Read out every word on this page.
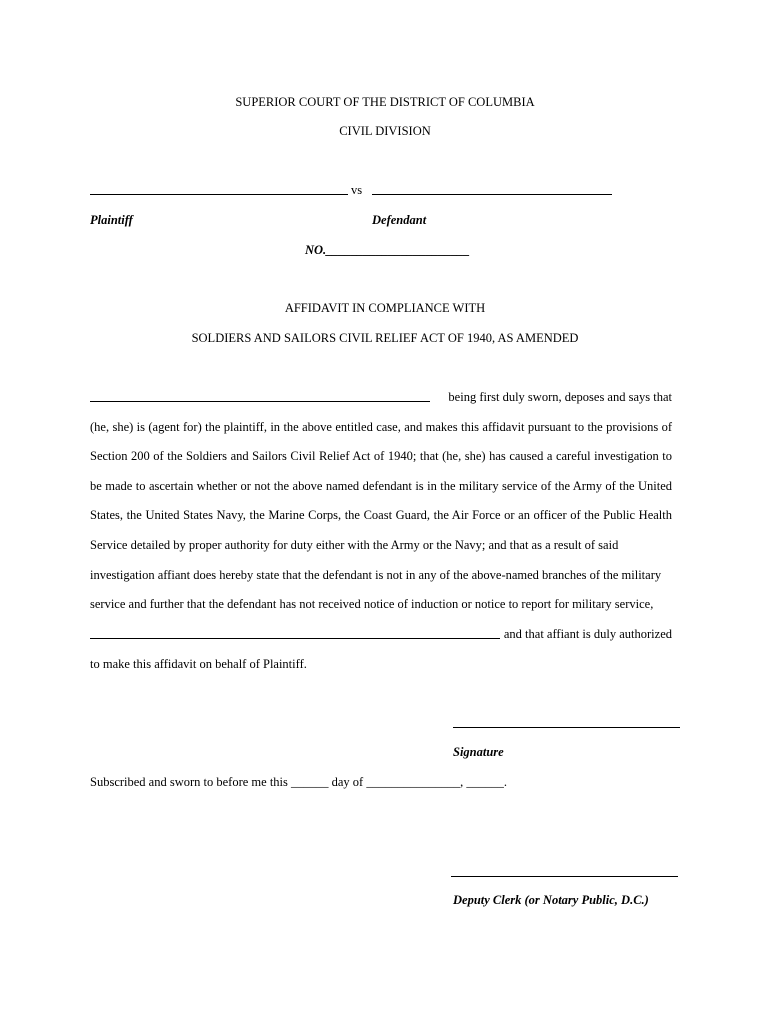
SUPERIOR COURT OF THE DISTRICT OF COLUMBIA
CIVIL DIVISION
vs
Plaintiff	Defendant
NO._______________________
AFFIDAVIT IN COMPLIANCE WITH
SOLDIERS AND SAILORS CIVIL RELIEF ACT OF 1940, AS AMENDED
being first duly sworn, deposes and says that
(he, she) is (agent for) the plaintiff, in the above entitled case, and makes this affidavit pursuant to the provisions of
Section 200 of the Soldiers and Sailors Civil Relief Act of 1940; that (he, she) has caused a careful investigation to
be made to ascertain whether or not the above named defendant is in the military service of the Army of the United
States, the United States Navy, the Marine Corps, the Coast Guard, the Air Force or an officer of the Public Health
Service detailed by proper authority for duty either with the Army or the Navy; and that as a result of said
investigation affiant does hereby state that the defendant is not in any of the above-named branches of the military
service and further that the defendant has not received notice of induction or notice to report for military service,
and that affiant is duly authorized
to make this affidavit on behalf of Plaintiff.
Signature
Subscribed and sworn to before me this ______ day of _______________, ______.
Deputy Clerk (or Notary Public, D.C.)
